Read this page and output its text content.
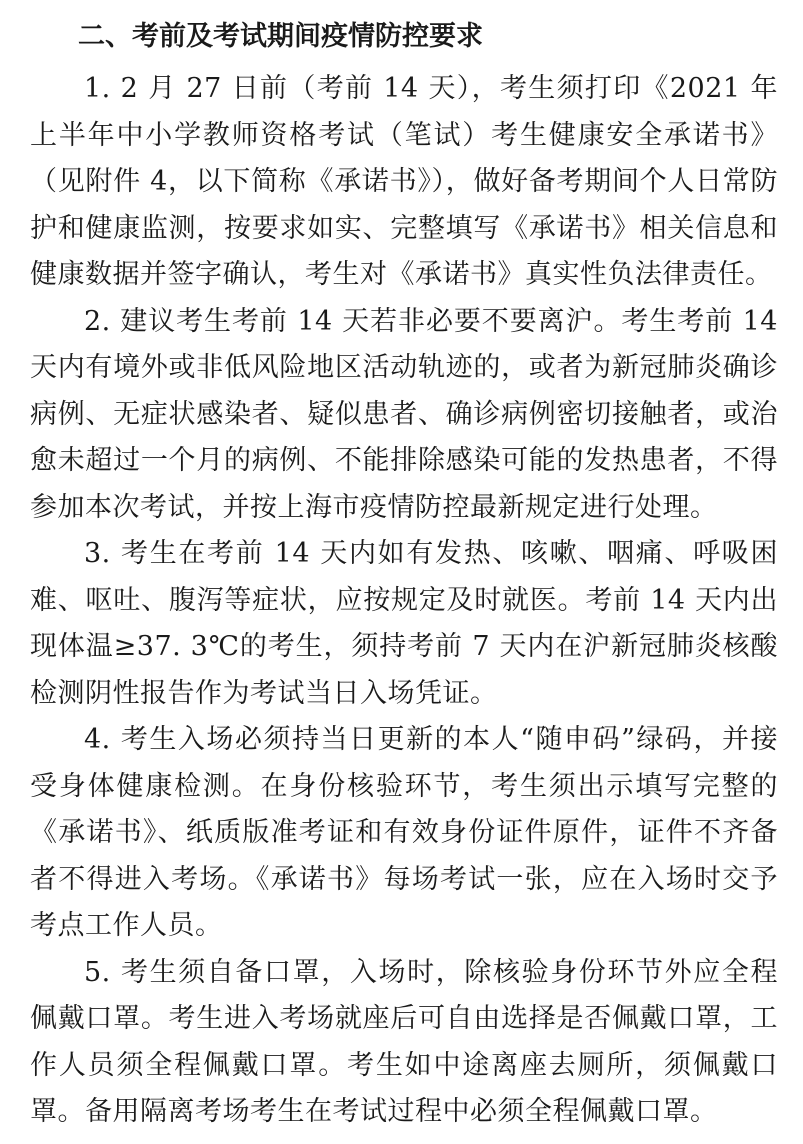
二、考前及考试期间疫情防控要求

1. 2 月 27 日前（考前 14 天），考生须打印《2021 年上半年中小学教师资格考试（笔试）考生健康安全承诺书》（见附件 4，以下简称《承诺书》），做好备考期间个人日常防护和健康监测，按要求如实、完整填写《承诺书》相关信息和健康数据并签字确认，考生对《承诺书》真实性负法律责任。

2. 建议考生考前 14 天若非必要不要离沪。考生考前 14 天内有境外或非低风险地区活动轨迹的，或者为新冠肺炎确诊病例、无症状感染者、疑似患者、确诊病例密切接触者，或治愈未超过一个月的病例、不能排除感染可能的发热患者，不得参加本次考试，并按上海市疫情防控最新规定进行处理。

3. 考生在考前 14 天内如有发热、咳嗽、咽痛、呼吸困难、呕吐、腹泻等症状，应按规定及时就医。考前 14 天内出现体温≥37. 3℃的考生，须持考前 7 天内在沪新冠肺炎核酸检测阴性报告作为考试当日入场凭证。

4. 考生入场必须持当日更新的本人“随申码”绿码，并接受身体健康检测。在身份核验环节，考生须出示填写完整的《承诺书》、纸质版准考证和有效身份证件原件，证件不齐备者不得进入考场。《承诺书》每场考试一张，应在入场时交予考点工作人员。

5. 考生须自备口罩，入场时，除核验身份环节外应全程佩戴口罩。考生进入考场就座后可自由选择是否佩戴口罩，工作人员须全程佩戴口罩。考生如中途离座去厕所，须佩戴口罩。备用隔离考场考生在考试过程中必须全程佩戴口罩。
